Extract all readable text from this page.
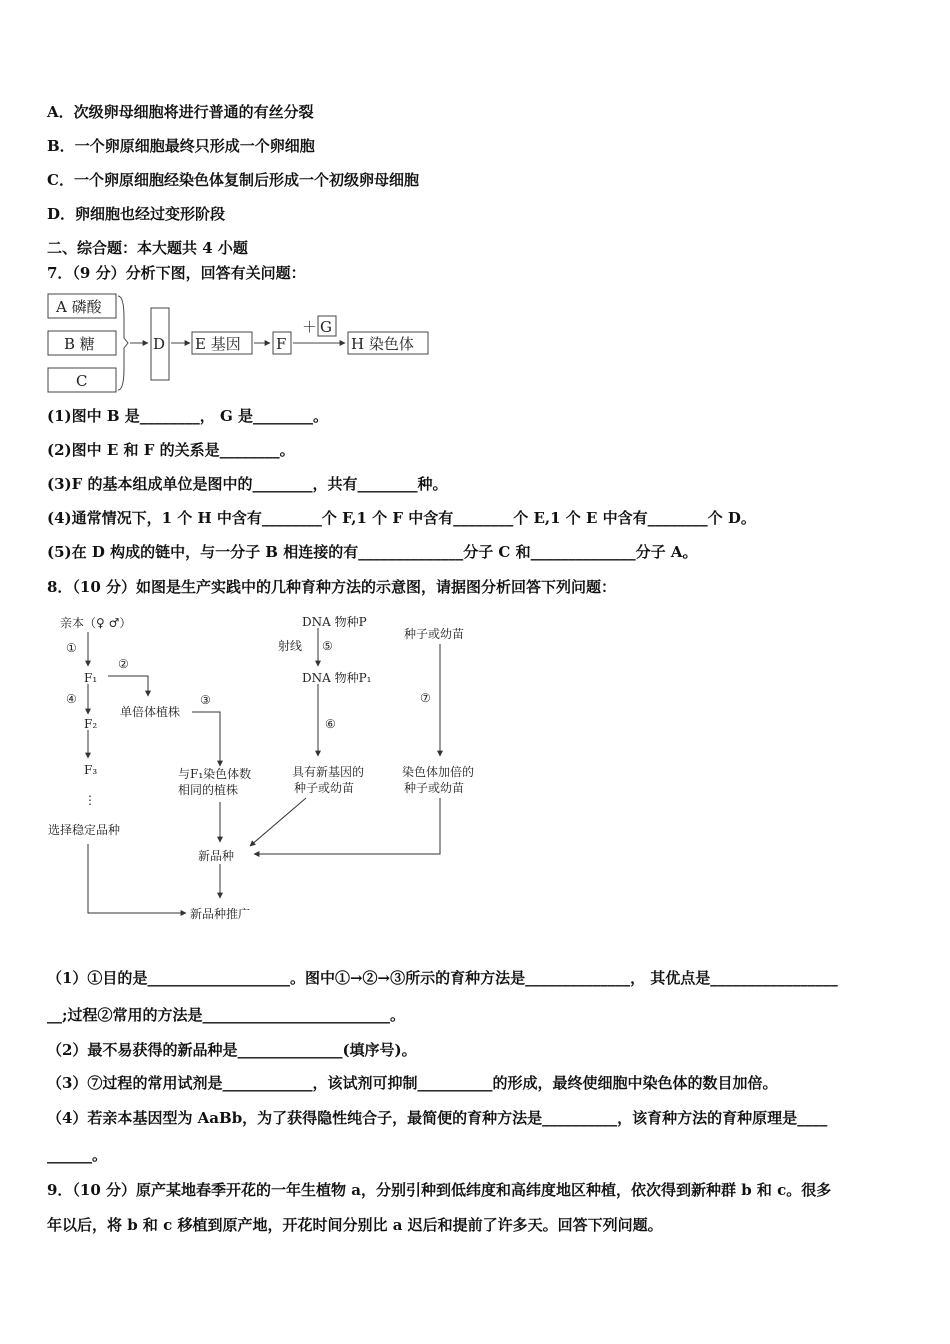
A．次级卵母细胞将进行普通的有丝分裂
B．一个卵原细胞最终只形成一个卵细胞
C．一个卵原细胞经染色体复制后形成一个初级卵母细胞
D．卵细胞也经过变形阶段
二、综合题：本大题共 4 小题
7．（9 分）分析下图，回答有关问题：
A 磷酸
B 糖
C
D E 基因 F
＋ G
H 染色体
(1)图中 B 是________， G 是________。
(2)图中 E 和 F 的关系是________。
(3)F 的基本组成单位是图中的________，共有________种。
(4)通常情况下，1 个 H 中含有________个 F,1 个 F 中含有________个 E,1 个 E 中含有________个 D。
(5)在 D 构成的链中，与一分子 B 相连接的有______________分子 C 和______________分子 A。
8．（10 分）如图是生产实践中的几种育种方法的示意图，请据图分析回答下列问题：
亲本（♀ ♂）
①
②
F₁
④
单倍体植株
③
F₂
F₃
⋮
选择稳定品种
与F₁染色体数
相同的植株
新品种
新品种推广
DNA 物种P
射线 ⑤
DNA 物种P₁
⑥
具有新基因的
种子或幼苗
种子或幼苗
⑦
染色体加倍的
种子或幼苗
（1）①目的是___________________。图中①→②→③所示的育种方法是______________， 其优点是_________________
__;过程②常用的方法是_________________________。
（2）最不易获得的新品种是______________(填序号)。
（3）⑦过程的常用试剂是____________，该试剂可抑制__________的形成，最终使细胞中染色体的数目加倍。
（4）若亲本基因型为 AaBb，为了获得隐性纯合子，最简便的育种方法是__________，该育种方法的育种原理是____
______。
9．（10 分）原产某地春季开花的一年生植物 a，分别引种到低纬度和高纬度地区种植，依次得到新种群 b 和 c。很多
年以后，将 b 和 c 移植到原产地，开花时间分别比 a 迟后和提前了许多天。回答下列问题。
